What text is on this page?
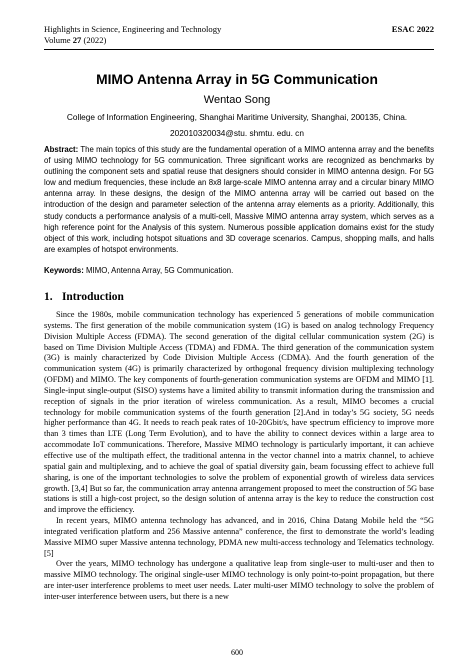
Highlights in Science, Engineering and Technology
Volume 27 (2022)
ESAC 2022
MIMO Antenna Array in 5G Communication
Wentao Song
College of Information Engineering, Shanghai Maritime University, Shanghai, 200135, China.
202010320034@stu. shmtu. edu. cn
Abstract: The main topics of this study are the fundamental operation of a MIMO antenna array and the benefits of using MIMO technology for 5G communication. Three significant works are recognized as benchmarks by outlining the component sets and spatial reuse that designers should consider in MIMO antenna design. For 5G low and medium frequencies, these include an 8x8 large-scale MIMO antenna array and a circular binary MIMO antenna array. In these designs, the design of the MIMO antenna array will be carried out based on the introduction of the design and parameter selection of the antenna array elements as a priority. Additionally, this study conducts a performance analysis of a multi-cell, Massive MIMO antenna array system, which serves as a high reference point for the Analysis of this system. Numerous possible application domains exist for the study object of this work, including hotspot situations and 3D coverage scenarios. Campus, shopping malls, and halls are examples of hotspot environments.
Keywords: MIMO, Antenna Array, 5G Communication.
1. Introduction

Since the 1980s, mobile communication technology has experienced 5 generations of mobile communication systems. The first generation of the mobile communication system (1G) is based on analog technology Frequency Division Multiple Access (FDMA). The second generation of the digital cellular communication system (2G) is based on Time Division Multiple Access (TDMA) and FDMA. The third generation of the communication system (3G) is mainly characterized by Code Division Multiple Access (CDMA). And the fourth generation of the communication system (4G) is primarily characterized by orthogonal frequency division multiplexing technology (OFDM) and MIMO. The key components of fourth-generation communication systems are OFDM and MIMO [1]. Single-input single-output (SISO) systems have a limited ability to transmit information during the transmission and reception of signals in the prior iteration of wireless communication. As a result, MIMO becomes a crucial technology for mobile communication systems of the fourth generation [2].And in today’s 5G society, 5G needs higher performance than 4G. It needs to reach peak rates of 10-20Gbit/s, have spectrum efficiency to improve more than 3 times than LTE (Long Term Evolution), and to have the ability to connect devices within a large area to accommodate IoT communications. Therefore, Massive MIMO technology is particularly important, it can achieve effective use of the multipath effect, the traditional antenna in the vector channel into a matrix channel, to achieve spatial gain and multiplexing, and to achieve the goal of spatial diversity gain, beam focussing effect to achieve full sharing, is one of the important technologies to solve the problem of exponential growth of wireless data services growth. [3,4] But so far, the communication array antenna arrangement proposed to meet the construction of 5G base stations is still a high-cost project, so the design solution of antenna array is the key to reduce the construction cost and improve the efficiency.

In recent years, MIMO antenna technology has advanced, and in 2016, China Datang Mobile held the “5G integrated verification platform and 256 Massive antenna” conference, the first to demonstrate the world’s leading Massive MIMO super Massive antenna technology, PDMA new multi-access technology and Telematics technology. [5]

Over the years, MIMO technology has undergone a qualitative leap from single-user to multi-user and then to massive MIMO technology. The original single-user MIMO technology is only point-to-point propagation, but there are inter-user interference problems to meet user needs. Later multi-user MIMO technology to solve the problem of inter-user interference between users, but there is a new

600
